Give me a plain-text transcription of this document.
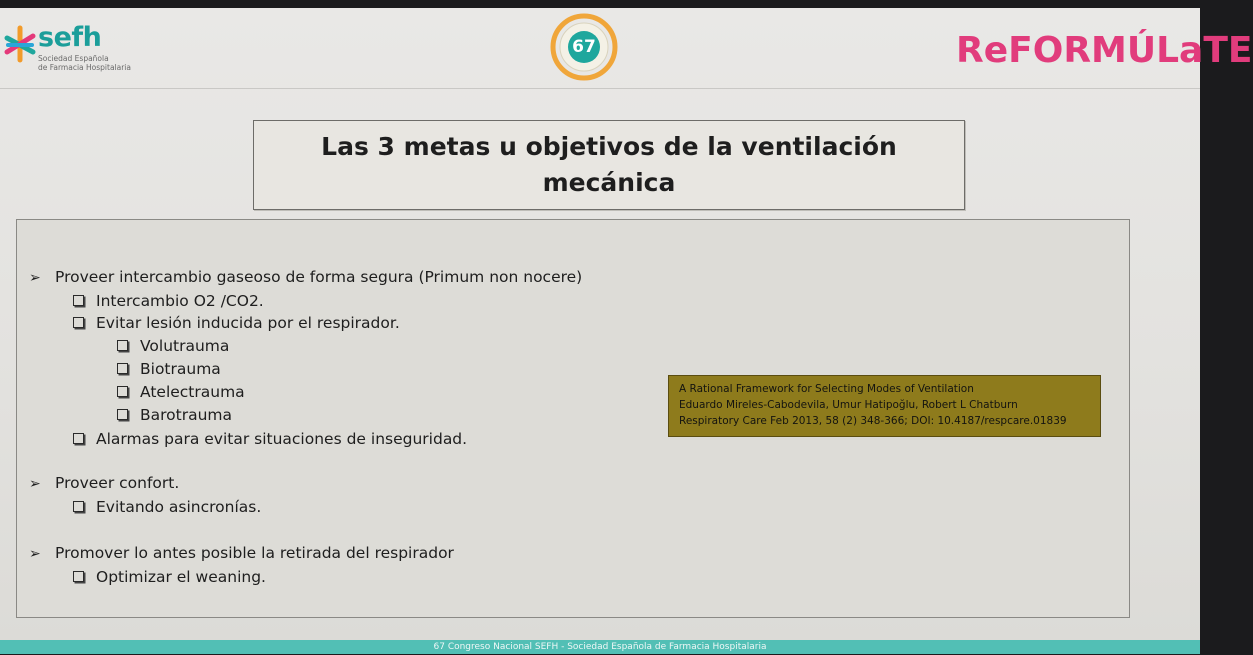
sefh
Sociedad Española
de Farmacia Hospitalaria
67	ReFORMÚLaTE
Las 3 metas u objetivos de la ventilación
mecánica
➢ Proveer intercambio gaseoso de forma segura (Primum non nocere)
Intercambio O2 /CO2.
Evitar lesión inducida por el respirador.
Volutrauma
Biotrauma
Atelectrauma
Barotrauma
Alarmas para evitar situaciones de inseguridad.
➢ Proveer confort.
Evitando asincronías.
➢ Promover lo antes posible la retirada del respirador
Optimizar el weaning.
A Rational Framework for Selecting Modes of Ventilation
Eduardo Mireles-Cabodevila, Umur Hatipoğlu, Robert L Chatburn
Respiratory Care Feb 2013, 58 (2) 348-366; DOI: 10.4187/respcare.01839
67 Congreso Nacional SEFH - Sociedad Española de Farmacia Hospitalaria
